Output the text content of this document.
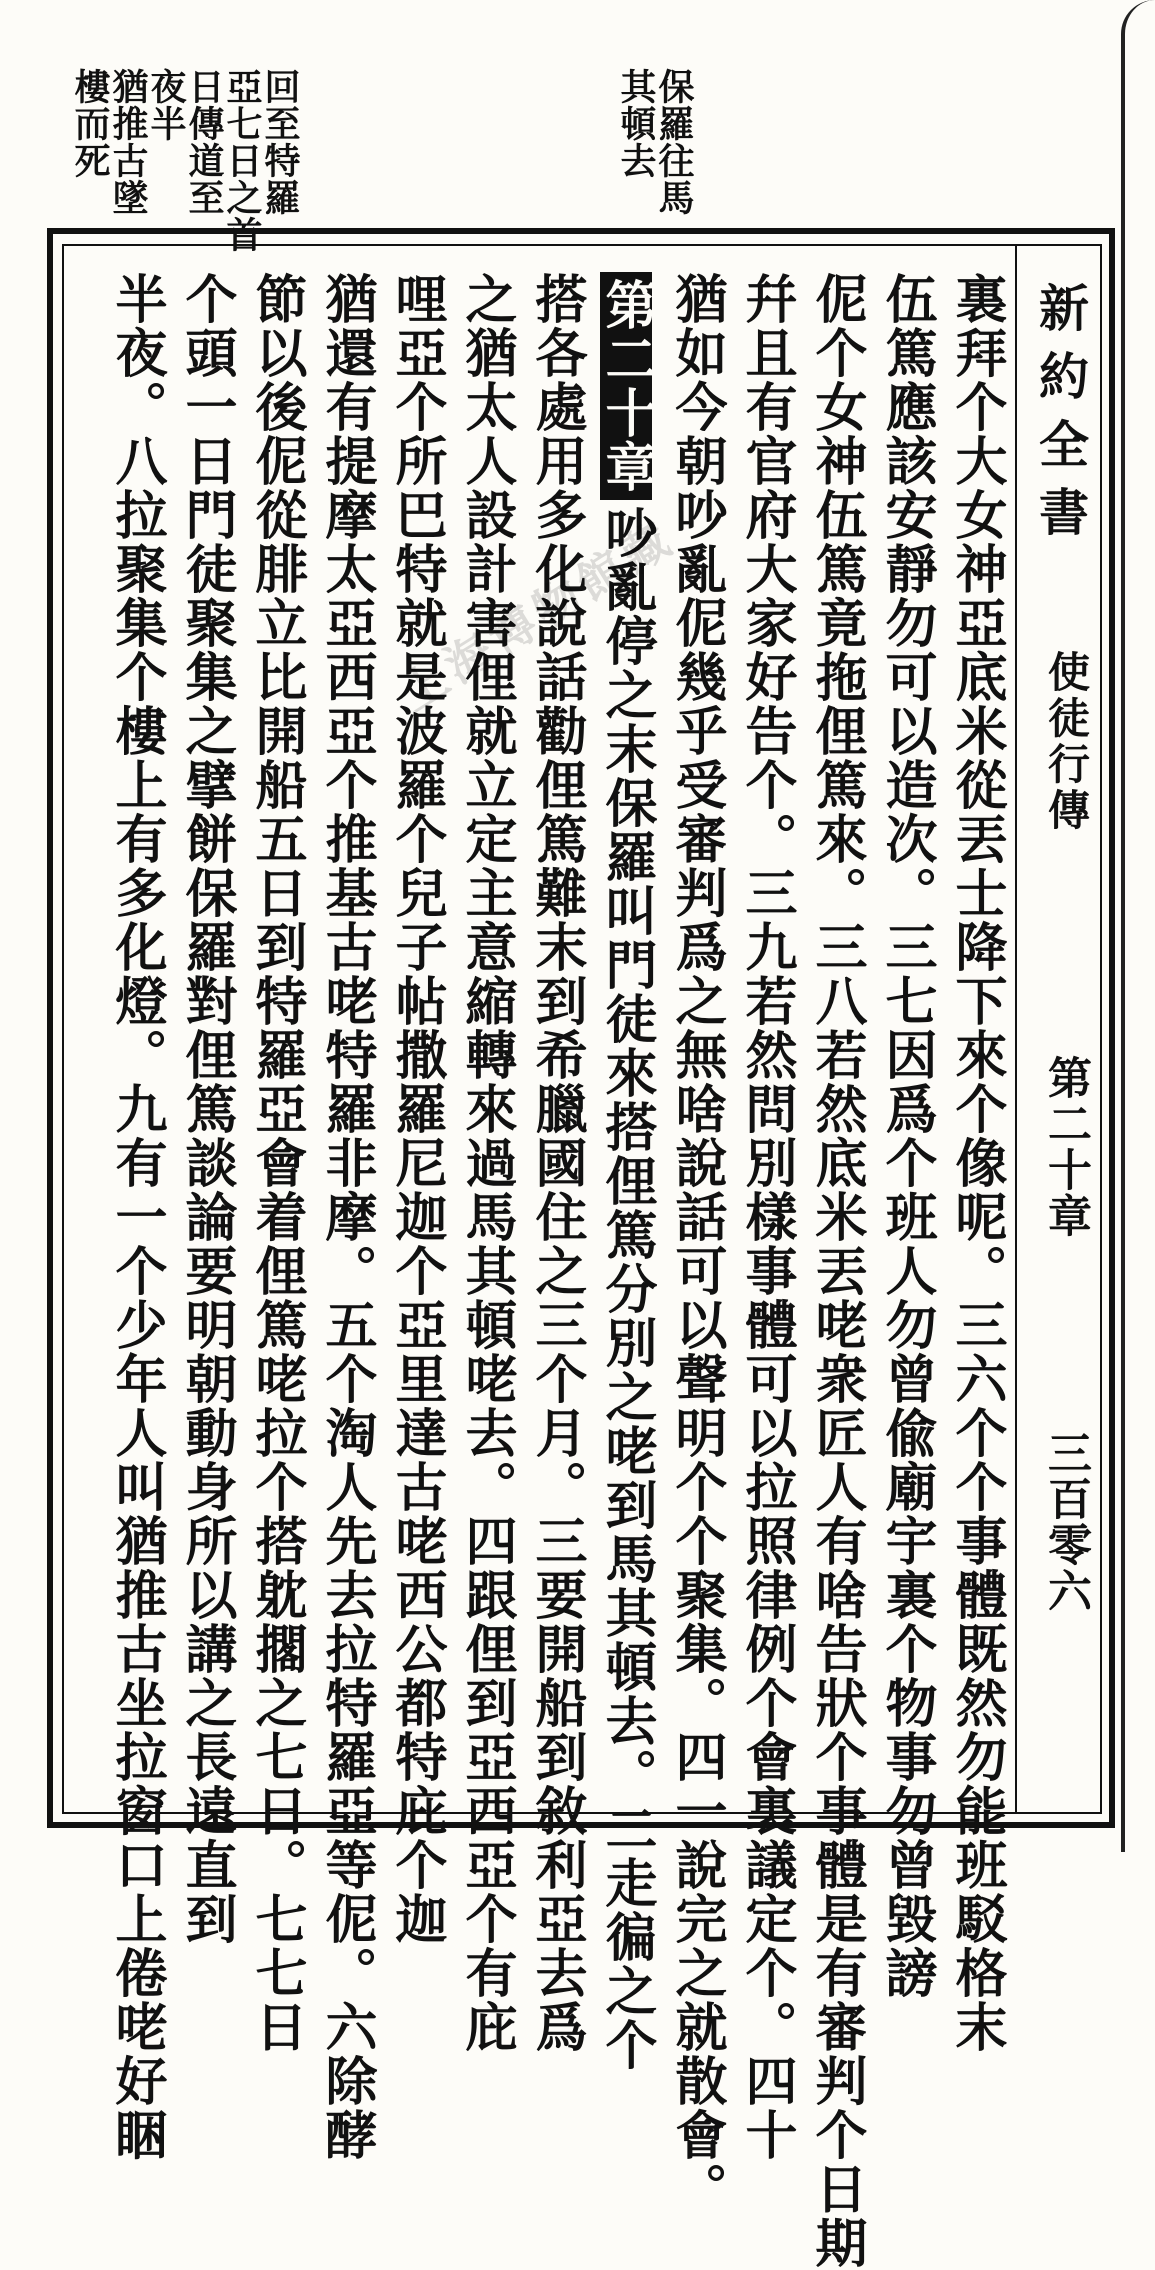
回至特羅
亞七日之首
日傳道至
夜半
猶推古墜
樓而死	保羅往馬
其頓去
新約全書
使徒行傳
第二十章
三百零六
裏拜个大女神亞底米從丟士降下來个像呢。三六个个事體既然勿能班駁格末
伍篤應該安靜勿可以造次。三七因爲个班人勿曾偸廟宇裏个物事勿曾毀謗
伲个女神伍篤竟拖俚篤來。三八若然底米丟咾衆匠人有啥告狀个事體是有審判个日期
幷且有官府大家好告个。三九若然問別樣事體可以拉照律例个會裏議定个。四十
猶如今朝吵亂伲幾乎受審判爲之無啥說話可以聲明个个聚集。四一說完之就散會。
第二十章吵亂停之末保羅叫門徒來搭俚篤分別之咾到馬其頓去。二走徧之个
搭各處用多化說話勸俚篤難末到希臘國住之三个月。三要開船到敘利亞去爲
之猶太人設計害俚就立定主意縮轉來過馬其頓咾去。四跟俚到亞西亞个有庇
哩亞个所巴特就是波羅个兒子帖撒羅尼迦个亞里達古咾西公都特庇个迦
猶還有提摩太亞西亞个推基古咾特羅非摩。五个淘人先去拉特羅亞等伲。六除酵
節以後伲從腓立比開船五日到特羅亞會着俚篤咾拉个搭躭擱之七日。七七日
个頭一日門徒聚集之擘餅保羅對俚篤談論要明朝動身所以講之長遠直到
半夜。八拉聚集个樓上有多化燈。九有一个少年人叫猶推古坐拉窗口上倦咾好睏	上海博物館藏
